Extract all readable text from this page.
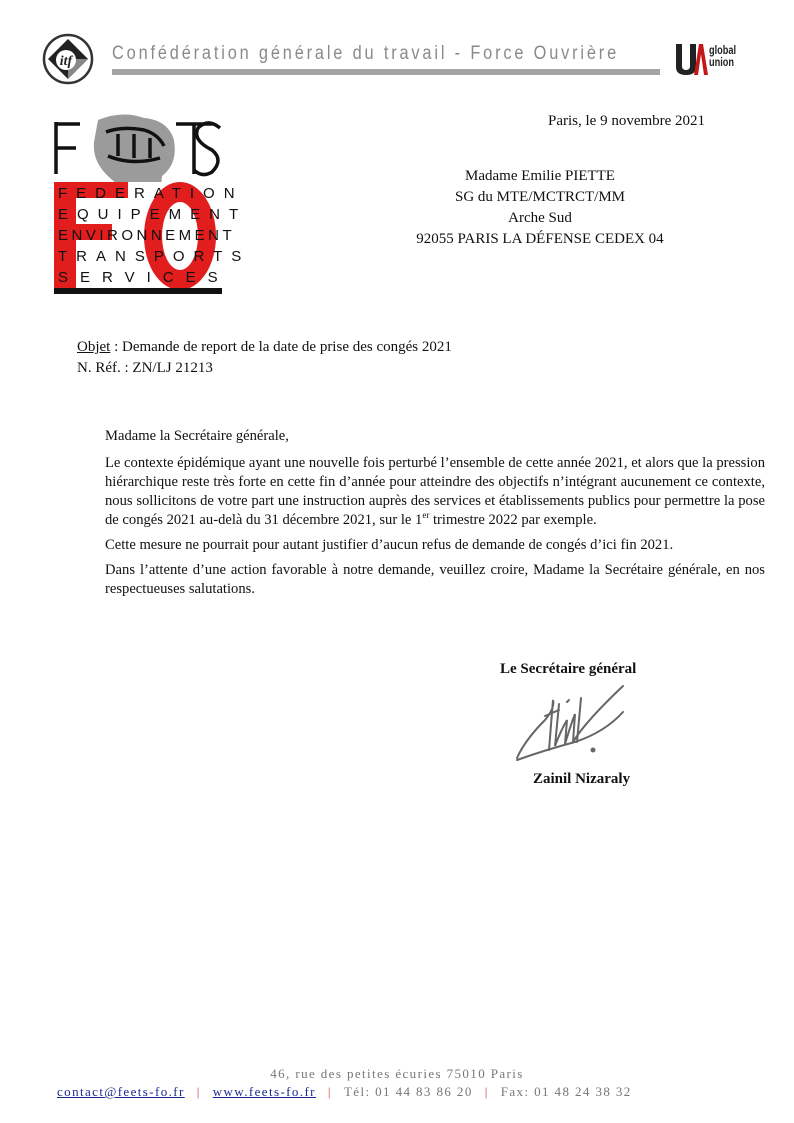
itf Confédération générale du travail - Force Ouvrière	global
union
FEDERATION
EQUIPEMENT
ENVIRONNEMENT
TRANSPORTS
SERVICES
Paris, le 9 novembre 2021
Madame Emilie PIETTE
SG du MTE/MCTRCT/MM
Arche Sud
92055 PARIS LA DÉFENSE CEDEX 04
Objet : Demande de report de la date de prise des congés 2021
N. Réf. : ZN/LJ 21213

Madame la Secrétaire générale,

Le contexte épidémique ayant une nouvelle fois perturbé l’ensemble de cette année 2021, et alors que la pression hiérarchique reste très forte en cette fin d’année pour atteindre des objectifs n’intégrant aucunement ce contexte, nous sollicitons de votre part une instruction auprès des services et établissements publics pour permettre la pose de congés 2021 au-delà du 31 décembre 2021, sur le 1er trimestre 2022 par exemple.

Cette mesure ne pourrait pour autant justifier d’aucun refus de demande de congés d’ici fin 2021.

Dans l’attente d’une action favorable à notre demande, veuillez croire, Madame la Secrétaire générale, en nos respectueuses salutations.

Le Secrétaire général
Zainil Nizaraly
46, rue des petites écuries 75010 Paris
contact@feets-fo.fr | www.feets-fo.fr | Tél: 01 44 83 86 20 | Fax: 01 48 24 38 32
